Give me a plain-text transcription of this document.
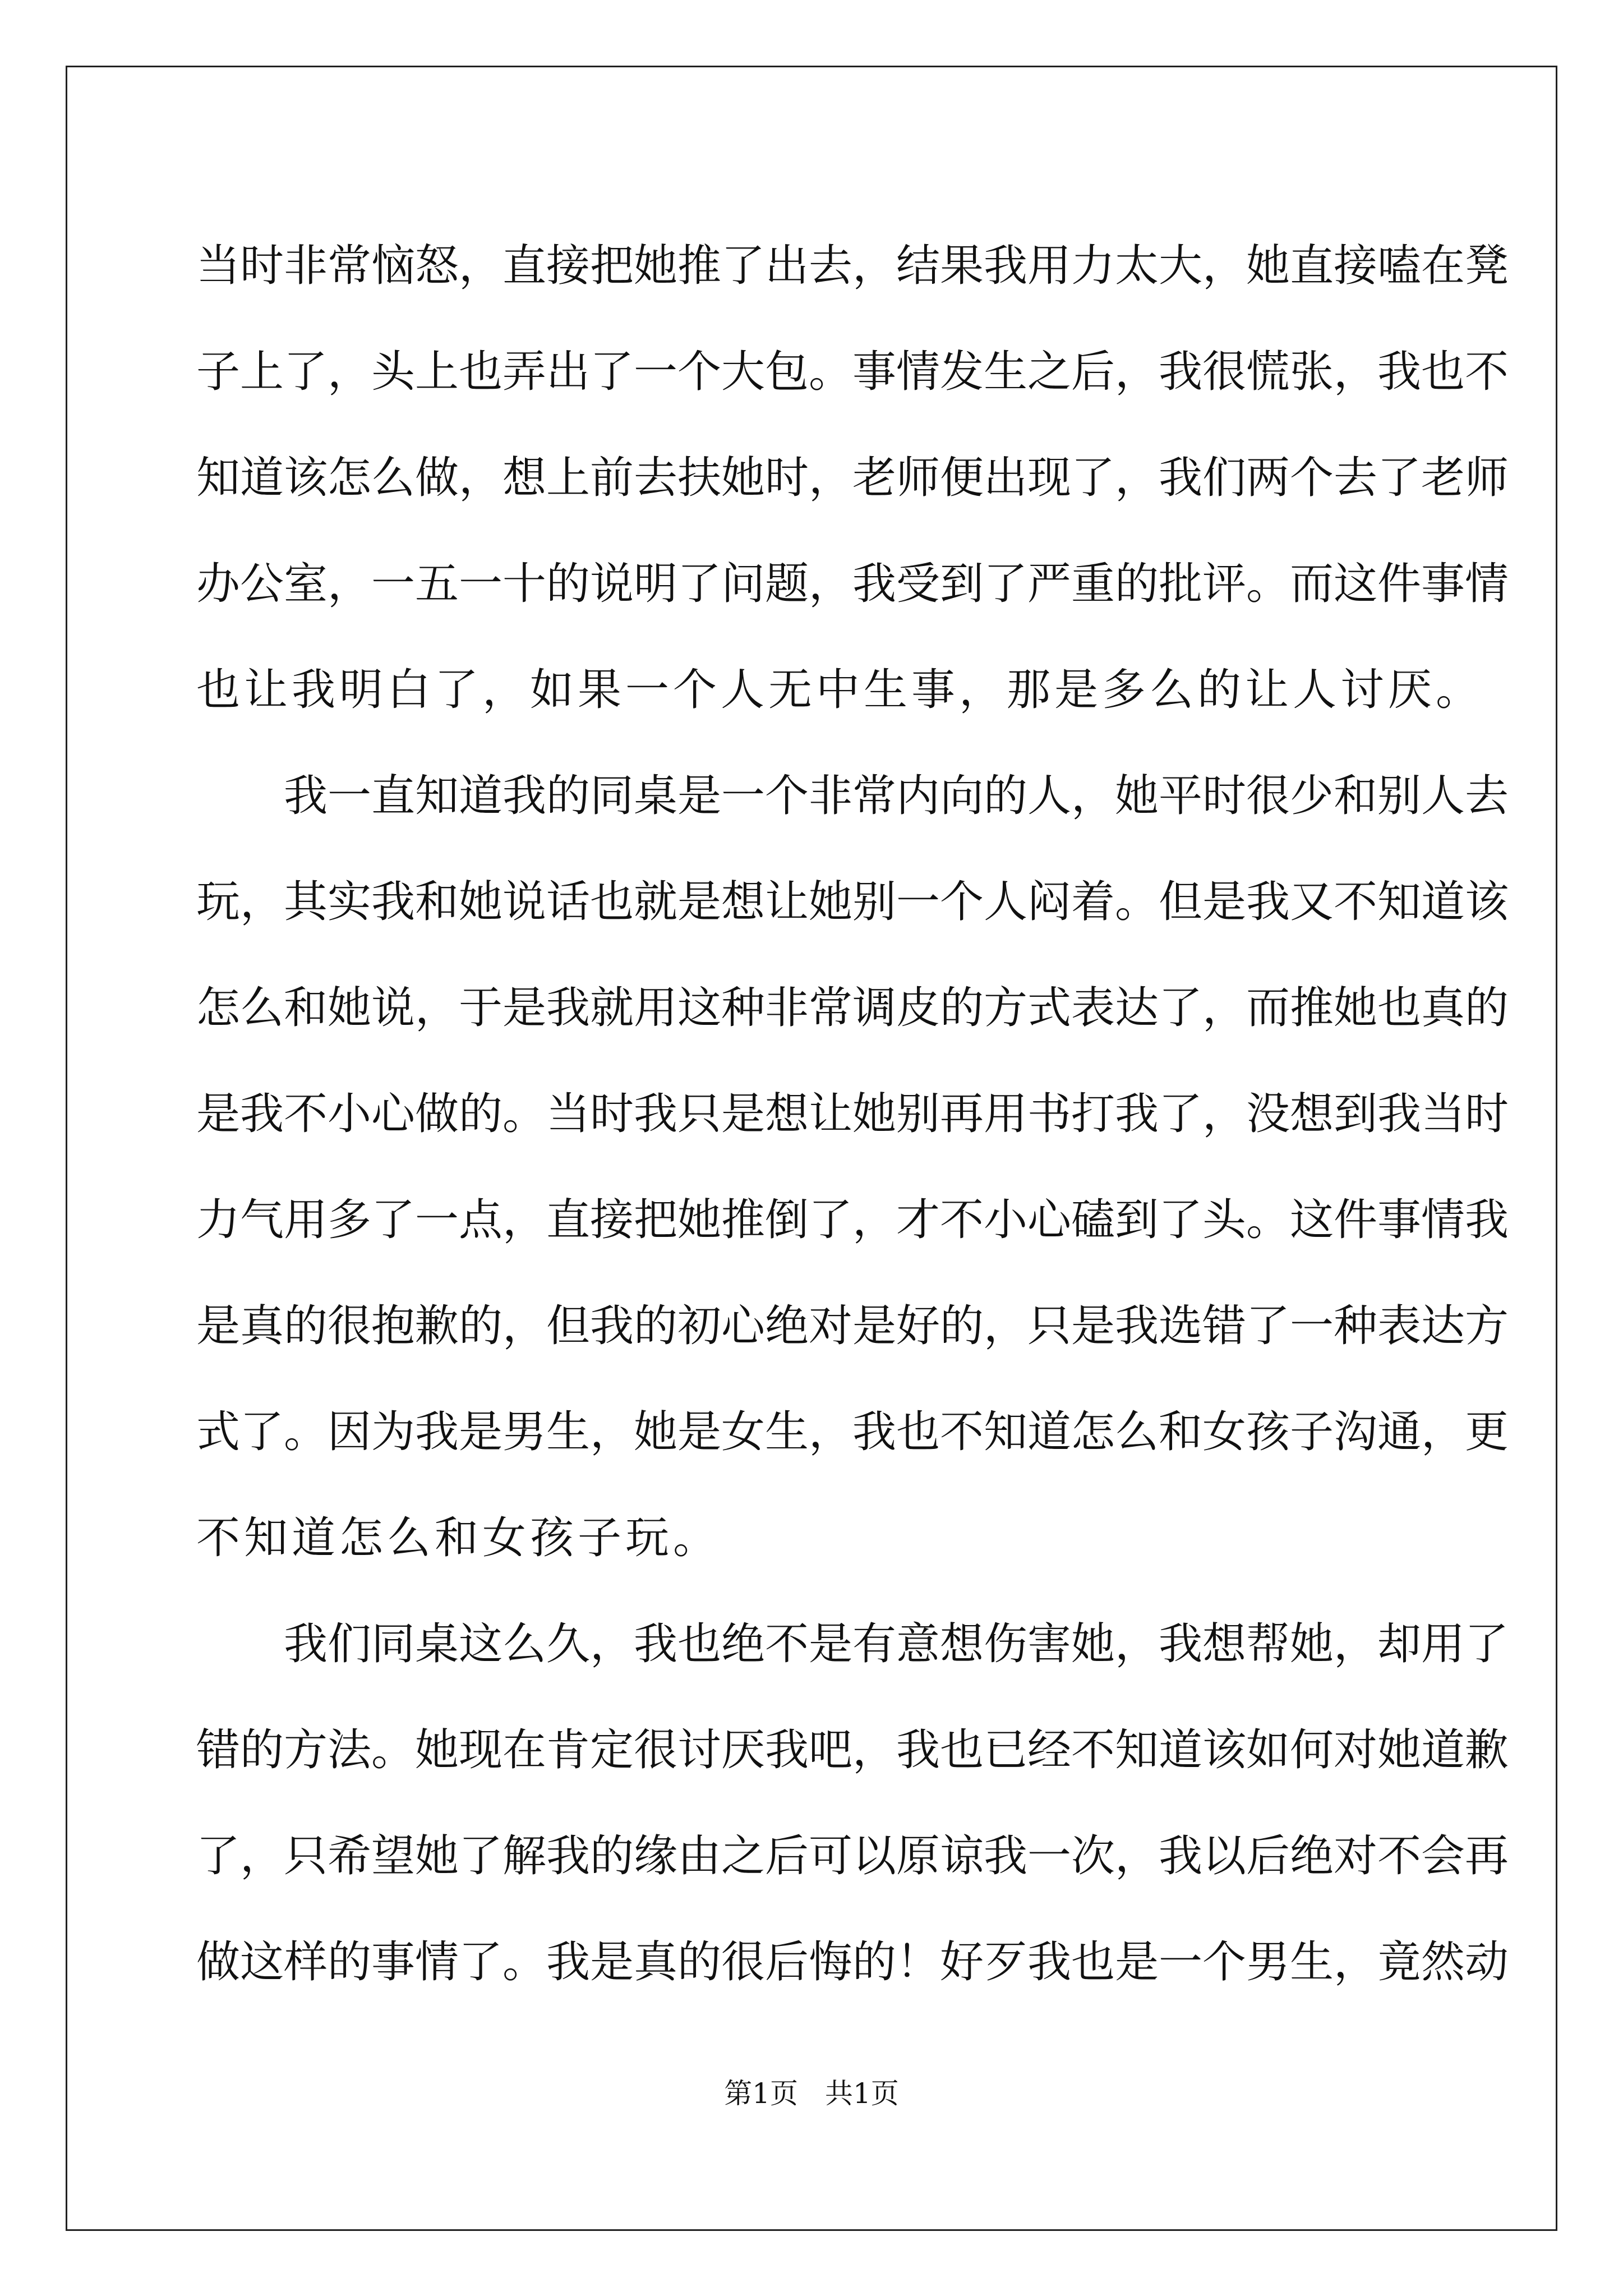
当时非常恼怒，直接把她推了出去，结果我用力太大，她直接嗑在凳
子上了，头上也弄出了一个大包。事情发生之后，我很慌张，我也不
知道该怎么做，想上前去扶她时，老师便出现了，我们两个去了老师
办公室，一五一十的说明了问题，我受到了严重的批评。而这件事情
也让我明白了，如果一个人无中生事，那是多么的让人讨厌。
我一直知道我的同桌是一个非常内向的人，她平时很少和别人去
玩，其实我和她说话也就是想让她别一个人闷着。但是我又不知道该
怎么和她说，于是我就用这种非常调皮的方式表达了，而推她也真的
是我不小心做的。当时我只是想让她别再用书打我了，没想到我当时
力气用多了一点，直接把她推倒了，才不小心磕到了头。这件事情我
是真的很抱歉的，但我的初心绝对是好的，只是我选错了一种表达方
式了。因为我是男生，她是女生，我也不知道怎么和女孩子沟通，更
不知道怎么和女孩子玩。
我们同桌这么久，我也绝不是有意想伤害她，我想帮她，却用了
错的方法。她现在肯定很讨厌我吧，我也已经不知道该如何对她道歉
了，只希望她了解我的缘由之后可以原谅我一次，我以后绝对不会再
做这样的事情了。我是真的很后悔的！好歹我也是一个男生，竟然动
第1页 共1页
